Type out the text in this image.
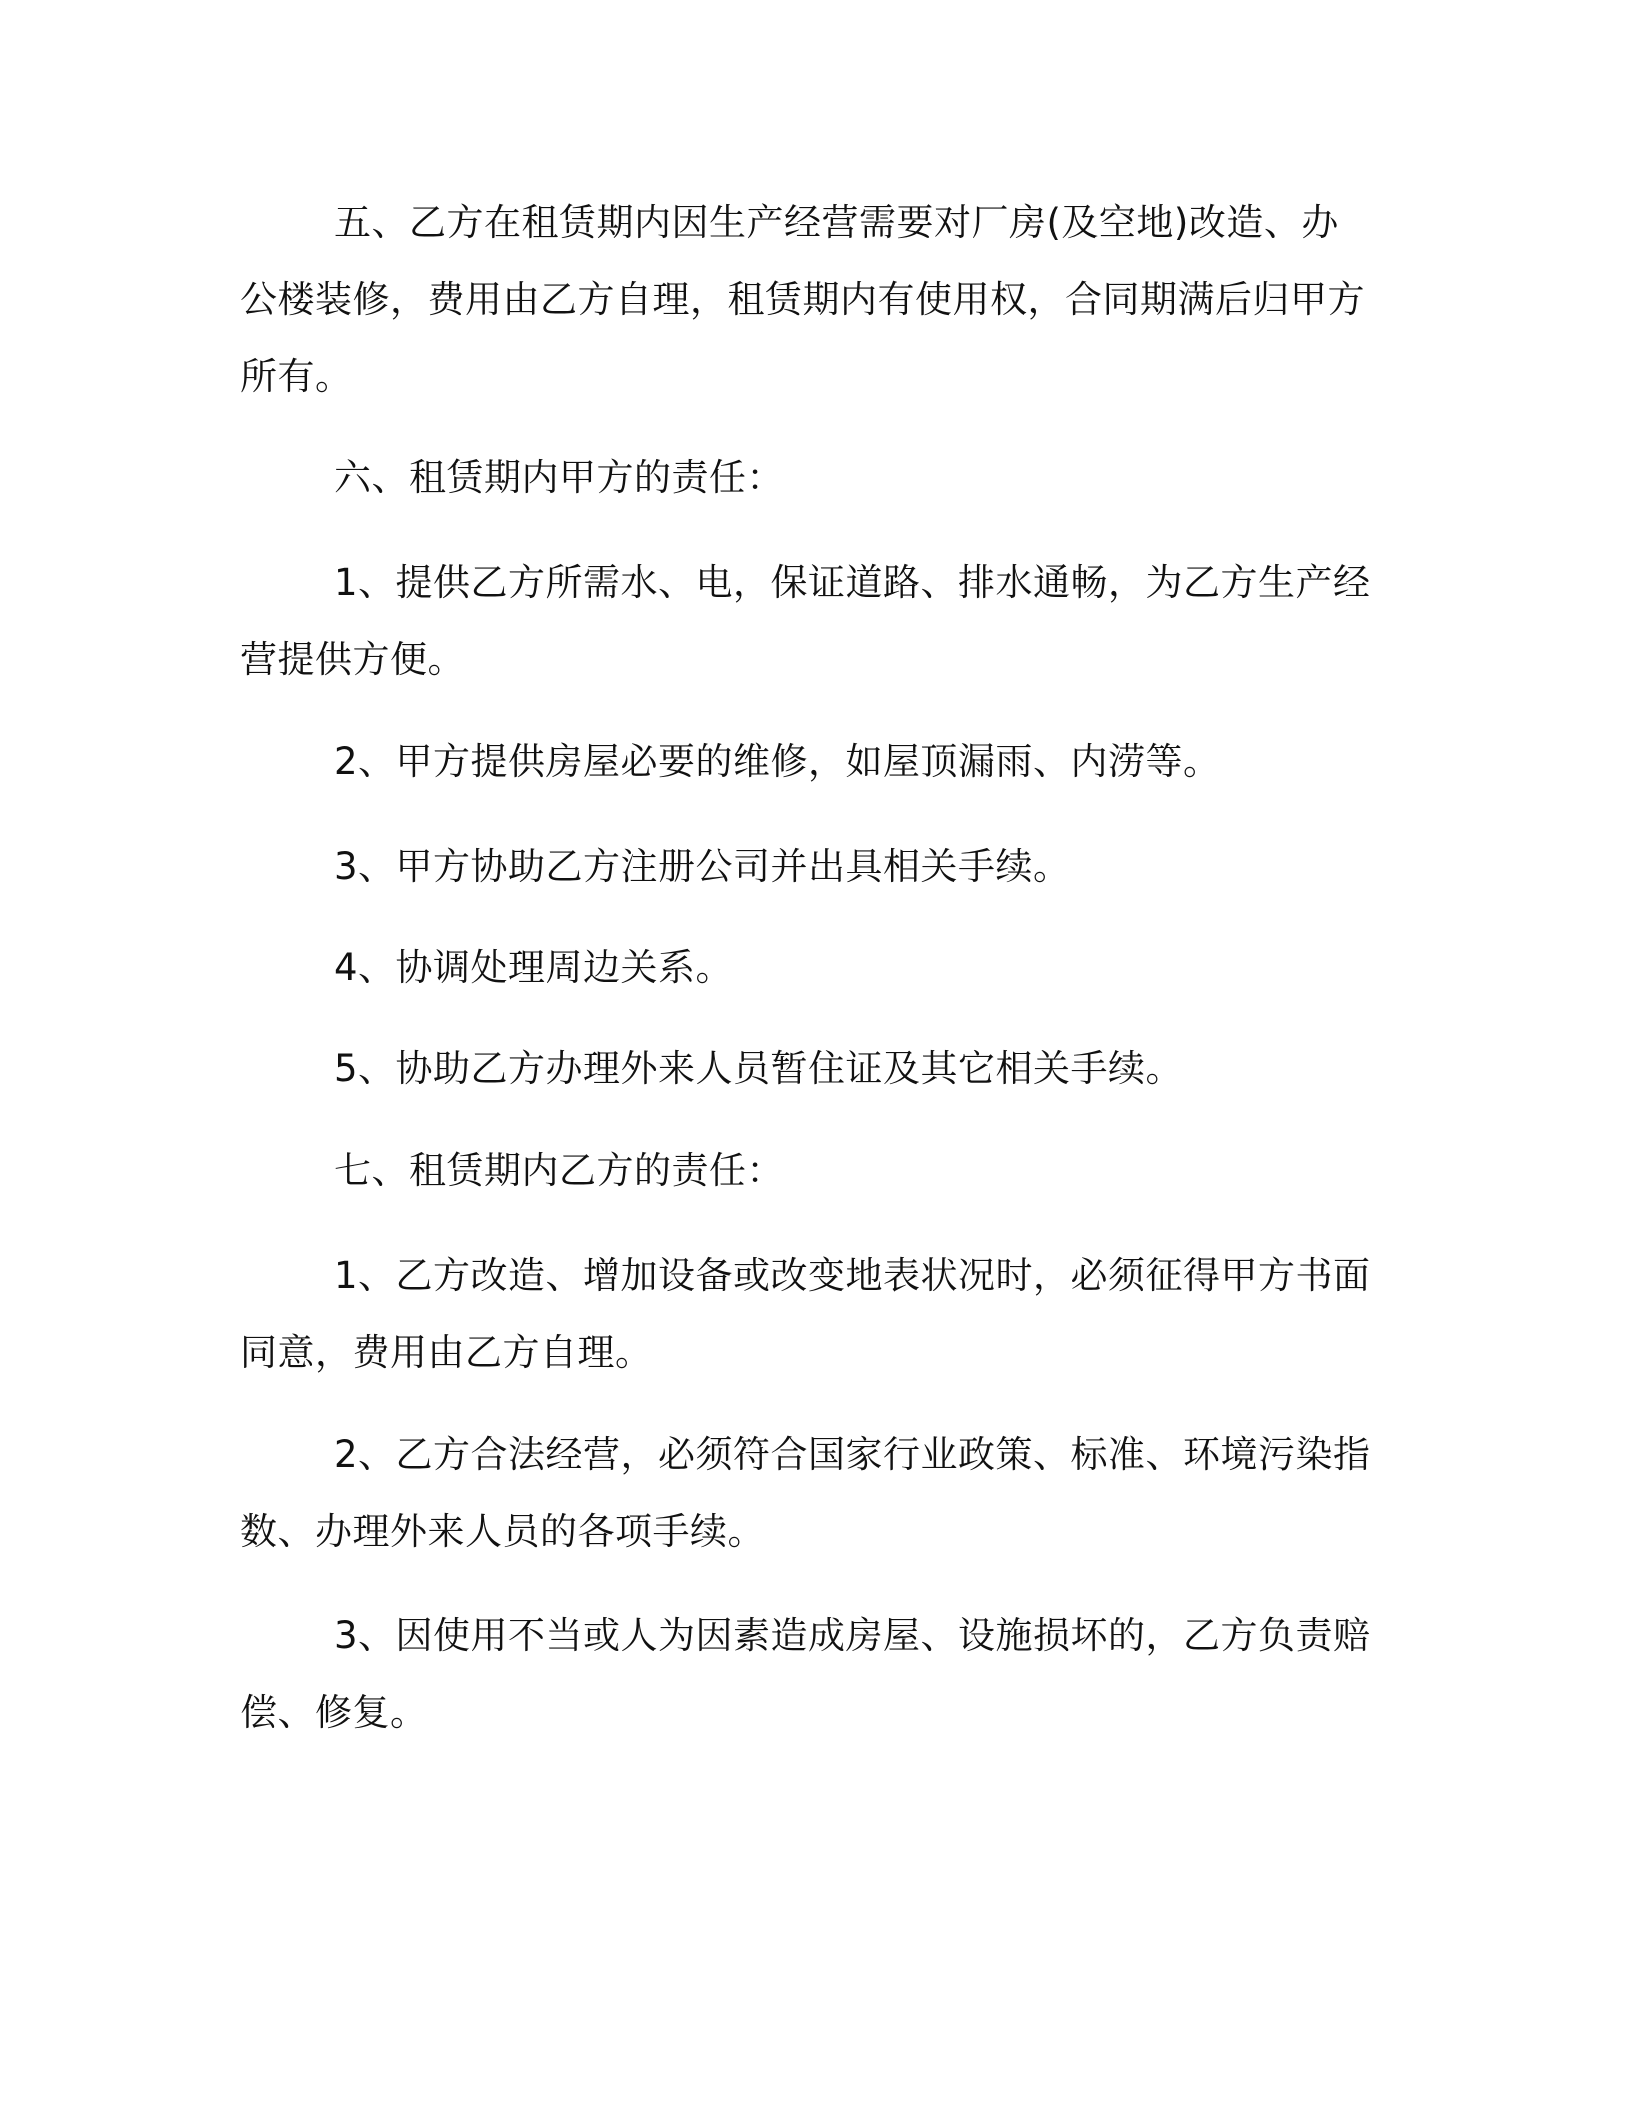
五、乙方在租赁期内因生产经营需要对厂房(及空地)改造、办公楼装修，费用由乙方自理，租赁期内有使用权，合同期满后归甲方所有。

六、租赁期内甲方的责任：

1、提供乙方所需水、电，保证道路、排水通畅，为乙方生产经营提供方便。

2、甲方提供房屋必要的维修，如屋顶漏雨、内涝等。

3、甲方协助乙方注册公司并出具相关手续。

4、协调处理周边关系。

5、协助乙方办理外来人员暂住证及其它相关手续。

七、租赁期内乙方的责任：

1、乙方改造、增加设备或改变地表状况时，必须征得甲方书面同意，费用由乙方自理。

2、乙方合法经营，必须符合国家行业政策、标准、环境污染指数、办理外来人员的各项手续。

3、因使用不当或人为因素造成房屋、设施损坏的，乙方负责赔偿、修复。
